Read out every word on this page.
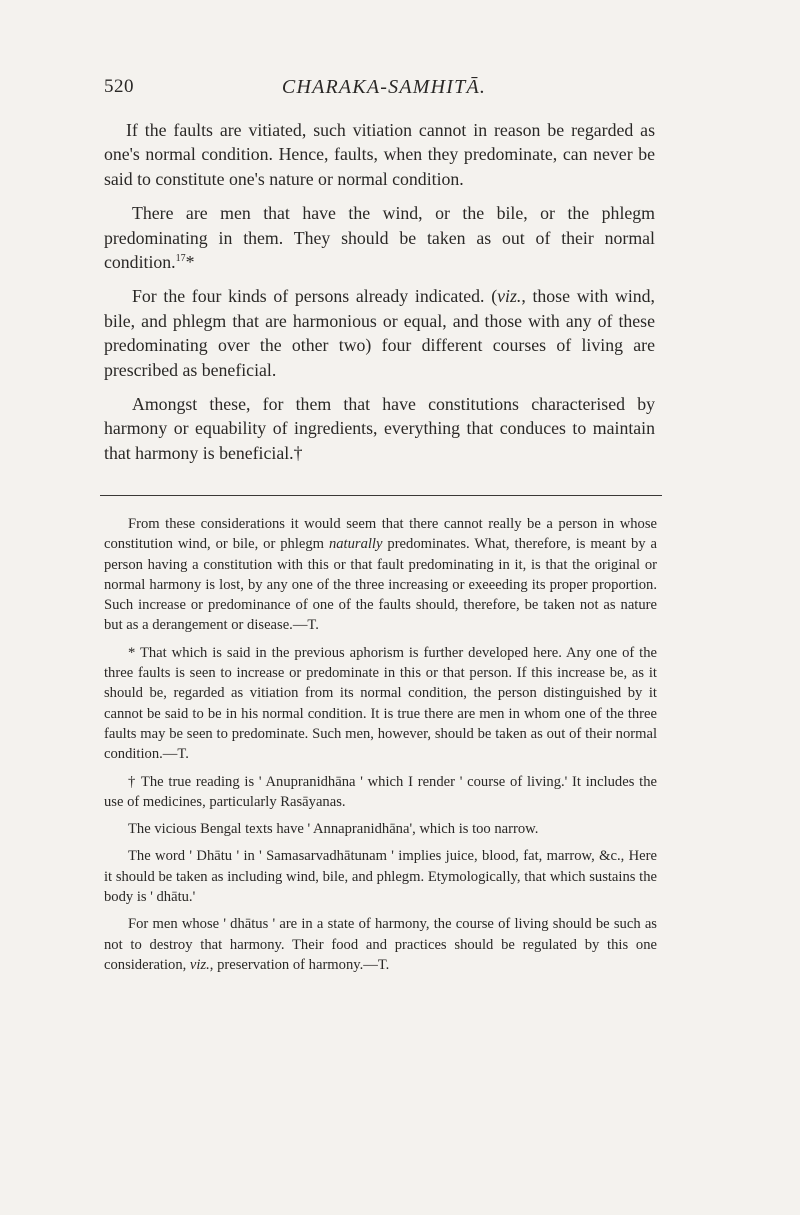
520	CHARAKA-SAMHITĀ.

If the faults are vitiated, such vitiation cannot in reason be regarded as one's normal condition. Hence, faults, when they predominate, can never be said to constitute one's nature or normal condition.

There are men that have the wind, or the bile, or the phlegm predominating in them. They should be taken as out of their normal condition.$^{17}$*

For the four kinds of persons already indicated. (viz., those with wind, bile, and phlegm that are harmonious or equal, and those with any of these predominating over the other two) four different courses of living are prescribed as beneficial.

Amongst these, for them that have constitutions characterised by harmony or equability of ingredients, everything that conduces to maintain that harmony is beneficial.†

From these considerations it would seem that there cannot really be a person in whose constitution wind, or bile, or phlegm naturally predominates. What, therefore, is meant by a person having a constitution with this or that fault predominating in it, is that the original or normal harmony is lost, by any one of the three increasing or exeeeding its proper proportion. Such increase or predominance of one of the faults should, therefore, be taken not as nature but as a derangement or disease.—T.

* That which is said in the previous aphorism is further developed here. Any one of the three faults is seen to increase or predominate in this or that person. If this increase be, as it should be, regarded as vitiation from its normal condition, the person distinguished by it cannot be said to be in his normal condition. It is true there are men in whom one of the three faults may be seen to predominate. Such men, however, should be taken as out of their normal condition.—T.

† The true reading is ' Anupranidhāna ' which I render ' course of living.' It includes the use of medicines, particularly Rasāyanas.

The vicious Bengal texts have ' Annapranidhāna', which is too narrow.

The word ' Dhātu ' in ' Samasarvadhātunam ' implies juice, blood, fat, marrow, &c., Here it should be taken as including wind, bile, and phlegm. Etymologically, that which sustains the body is ' dhātu.'

For men whose ' dhātus ' are in a state of harmony, the course of living should be such as not to destroy that harmony. Their food and practices should be regulated by this one consideration, viz., preservation of harmony.—T.
